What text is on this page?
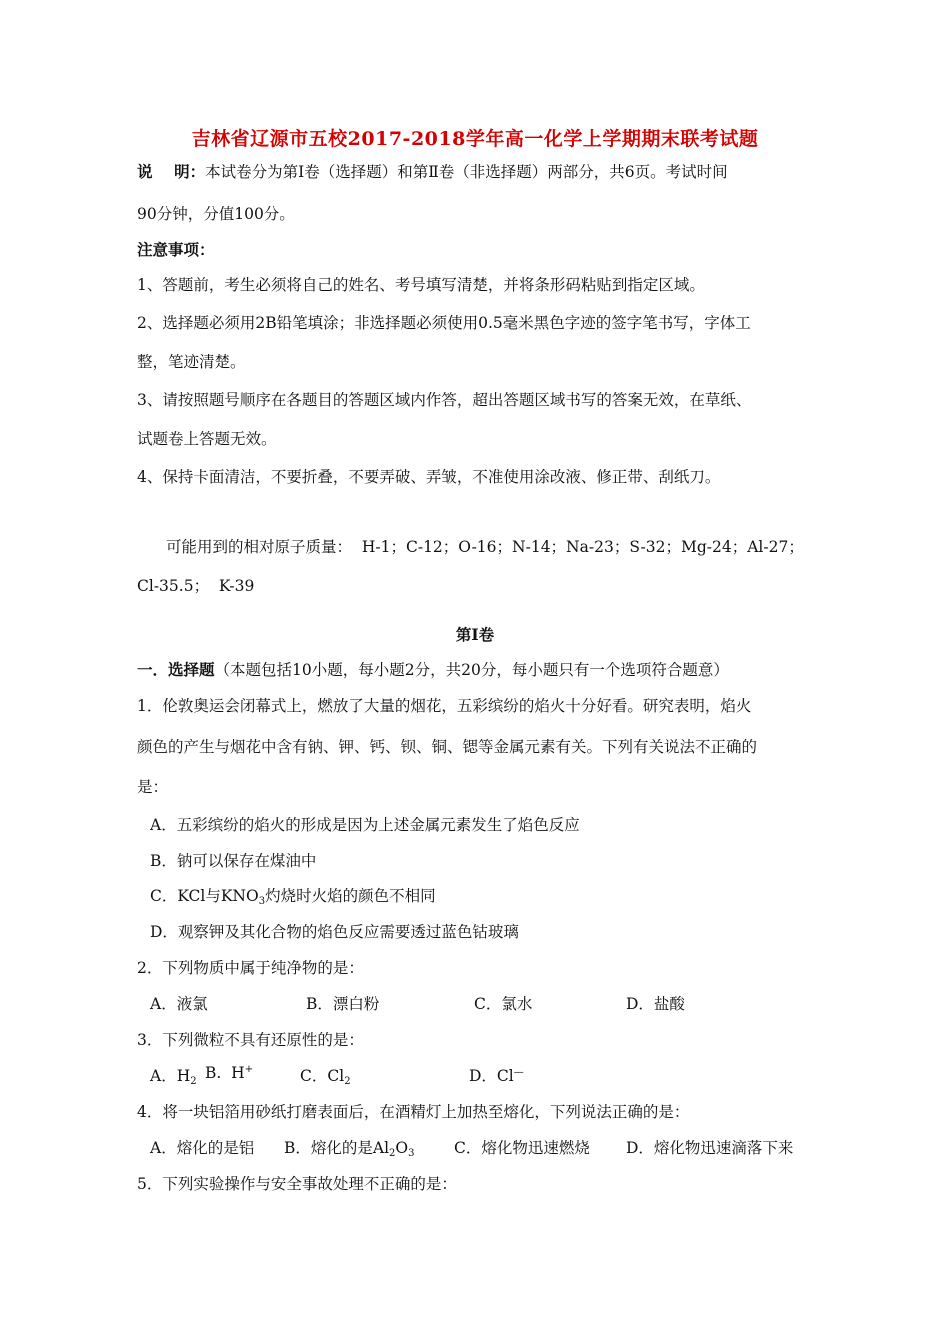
吉林省辽源市五校2017-2018学年高一化学上学期期末联考试题
说    明：本试卷分为第Ⅰ卷（选择题）和第Ⅱ卷（非选择题）两部分，共6页。考试时间
90分钟，分值100分。
注意事项：
1、答题前，考生必须将自己的姓名、考号填写清楚，并将条形码粘贴到指定区域。
2、选择题必须用2B铅笔填涂；非选择题必须使用0.5毫米黑色字迹的签字笔书写，字体工
整，笔迹清楚。
3、请按照题号顺序在各题目的答题区域内作答，超出答题区域书写的答案无效，在草纸、
试题卷上答题无效。
4、保持卡面清洁，不要折叠，不要弄破、弄皱，不准使用涂改液、修正带、刮纸刀。
可能用到的相对原子质量：  H-1；C-12；O-16；N-14；Na-23；S-32；Mg-24；Al-27；
Cl-35.5；  K-39
第Ⅰ卷
一．选择题（本题包括10小题，每小题2分，共20分，每小题只有一个选项符合题意）
1．伦敦奥运会闭幕式上，燃放了大量的烟花，五彩缤纷的焰火十分好看。研究表明，焰火
颜色的产生与烟花中含有钠、钾、钙、钡、铜、锶等金属元素有关。下列有关说法不正确的
是：
A．五彩缤纷的焰火的形成是因为上述金属元素发生了焰色反应
B．钠可以保存在煤油中
C．KCl与$KNO_3$灼烧时火焰的颜色不相同
D．观察钾及其化合物的焰色反应需要透过蓝色钴玻璃
2．下列物质中属于纯净物的是：
A．液氯	B．漂白粉	C．氯水	D．盐酸
3．下列微粒不具有还原性的是：
A．$H_2$ B.  H+	C．$Cl_2$	D．Cl—
4．将一块铝箔用砂纸打磨表面后，在酒精灯上加热至熔化，下列说法正确的是：
A．熔化的是铝 B．熔化的是$Al_2O_3$	C．熔化物迅速燃烧 D．熔化物迅速滴落下来
5．下列实验操作与安全事故处理不正确的是：
